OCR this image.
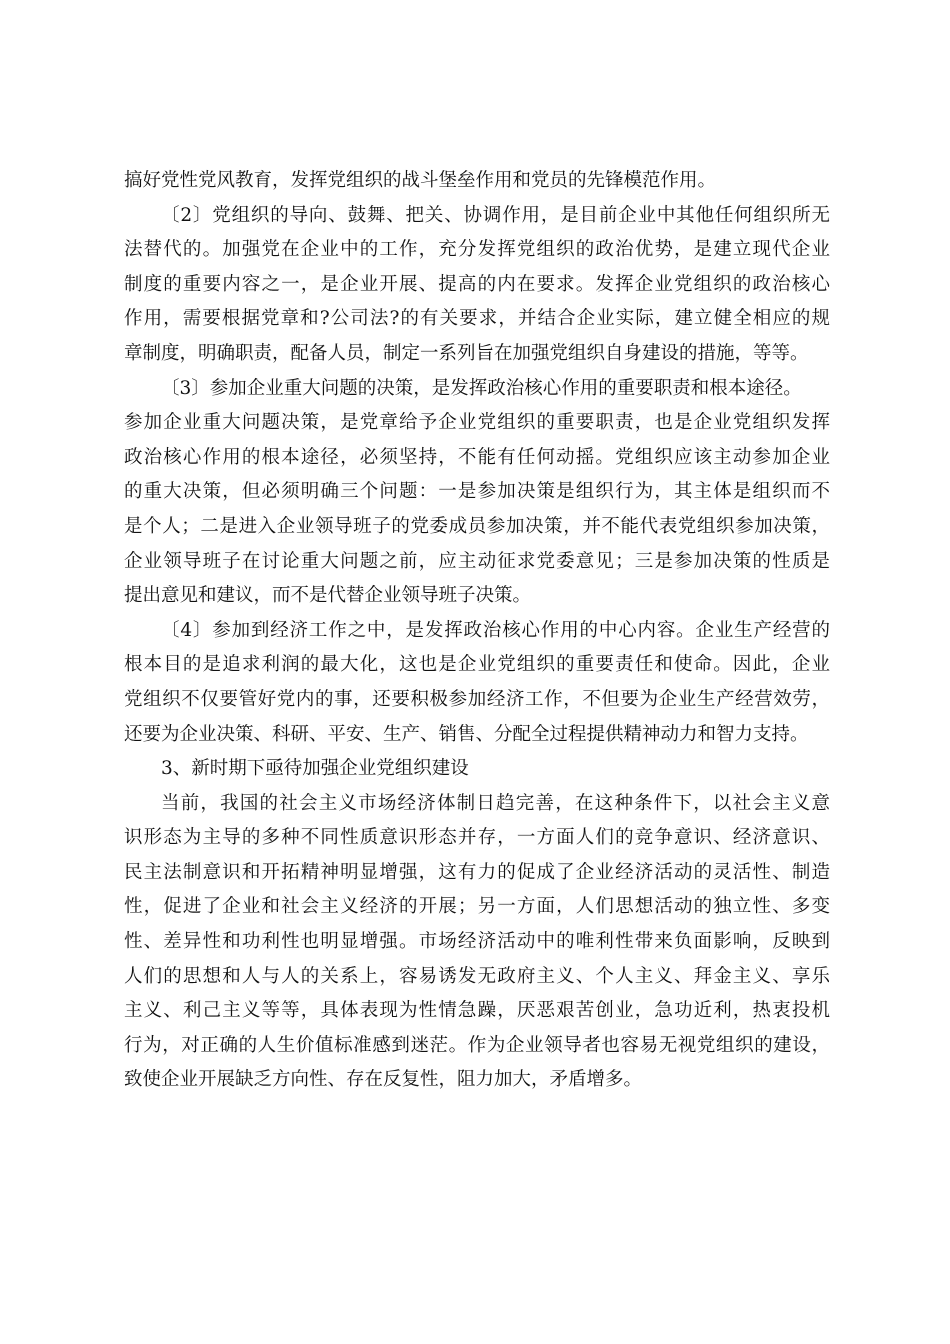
搞好党性党风教育，发挥党组织的战斗堡垒作用和党员的先锋模范作用。
〔2〕党组织的导向、鼓舞、把关、协调作用，是目前企业中其他任何组织所无
法替代的。加强党在企业中的工作，充分发挥党组织的政治优势，是建立现代企业
制度的重要内容之一，是企业开展、提高的内在要求。发挥企业党组织的政治核心
作用，需要根据党章和?公司法?的有关要求，并结合企业实际，建立健全相应的规
章制度，明确职责，配备人员，制定一系列旨在加强党组织自身建设的措施，等等。
〔3〕参加企业重大问题的决策，是发挥政治核心作用的重要职责和根本途径。
参加企业重大问题决策，是党章给予企业党组织的重要职责，也是企业党组织发挥
政治核心作用的根本途径，必须坚持，不能有任何动摇。党组织应该主动参加企业
的重大决策，但必须明确三个问题：一是参加决策是组织行为，其主体是组织而不
是个人；二是进入企业领导班子的党委成员参加决策，并不能代表党组织参加决策，
企业领导班子在讨论重大问题之前，应主动征求党委意见；三是参加决策的性质是
提出意见和建议，而不是代替企业领导班子决策。
〔4〕参加到经济工作之中，是发挥政治核心作用的中心内容。企业生产经营的
根本目的是追求利润的最大化，这也是企业党组织的重要责任和使命。因此，企业
党组织不仅要管好党内的事，还要积极参加经济工作，不但要为企业生产经营效劳，
还要为企业决策、科研、平安、生产、销售、分配全过程提供精神动力和智力支持。
3、新时期下亟待加强企业党组织建设
当前，我国的社会主义市场经济体制日趋完善，在这种条件下，以社会主义意
识形态为主导的多种不同性质意识形态并存，一方面人们的竞争意识、经济意识、
民主法制意识和开拓精神明显增强，这有力的促成了企业经济活动的灵活性、制造
性，促进了企业和社会主义经济的开展；另一方面，人们思想活动的独立性、多变
性、差异性和功利性也明显增强。市场经济活动中的唯利性带来负面影响，反映到
人们的思想和人与人的关系上，容易诱发无政府主义、个人主义、拜金主义、享乐
主义、利己主义等等，具体表现为性情急躁，厌恶艰苦创业，急功近利，热衷投机
行为，对正确的人生价值标准感到迷茫。作为企业领导者也容易无视党组织的建设，
致使企业开展缺乏方向性、存在反复性，阻力加大，矛盾增多。
